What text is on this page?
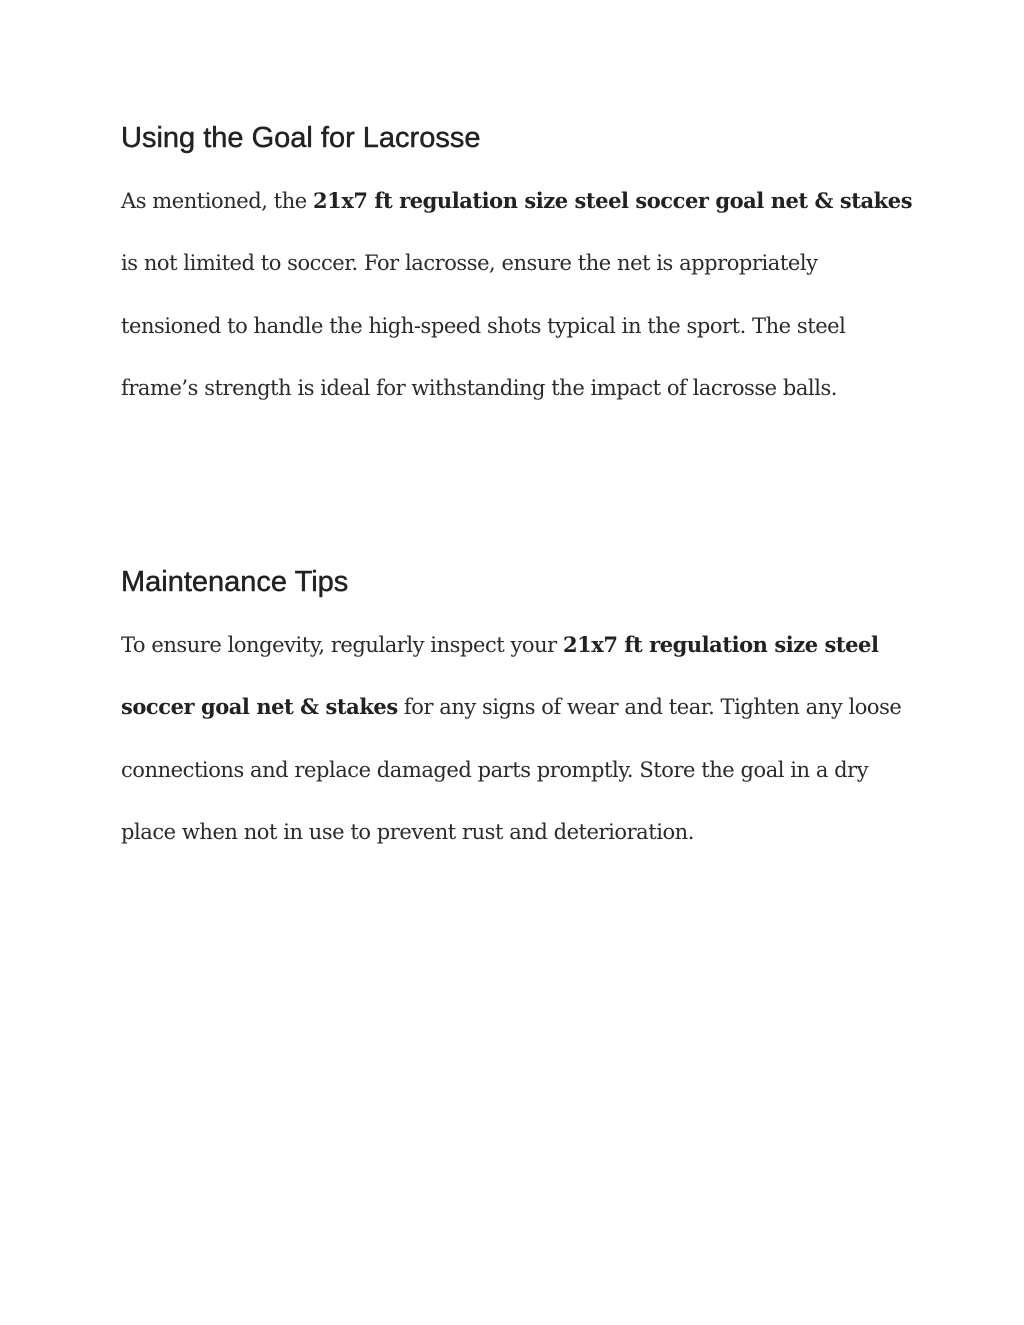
Using the Goal for Lacrosse

As mentioned, the 21x7 ft regulation size steel soccer goal net & stakes is not limited to soccer. For lacrosse, ensure the net is appropriately tensioned to handle the high-speed shots typical in the sport. The steel frame’s strength is ideal for withstanding the impact of lacrosse balls.

Maintenance Tips

To ensure longevity, regularly inspect your 21x7 ft regulation size steel soccer goal net & stakes for any signs of wear and tear. Tighten any loose connections and replace damaged parts promptly. Store the goal in a dry place when not in use to prevent rust and deterioration.
